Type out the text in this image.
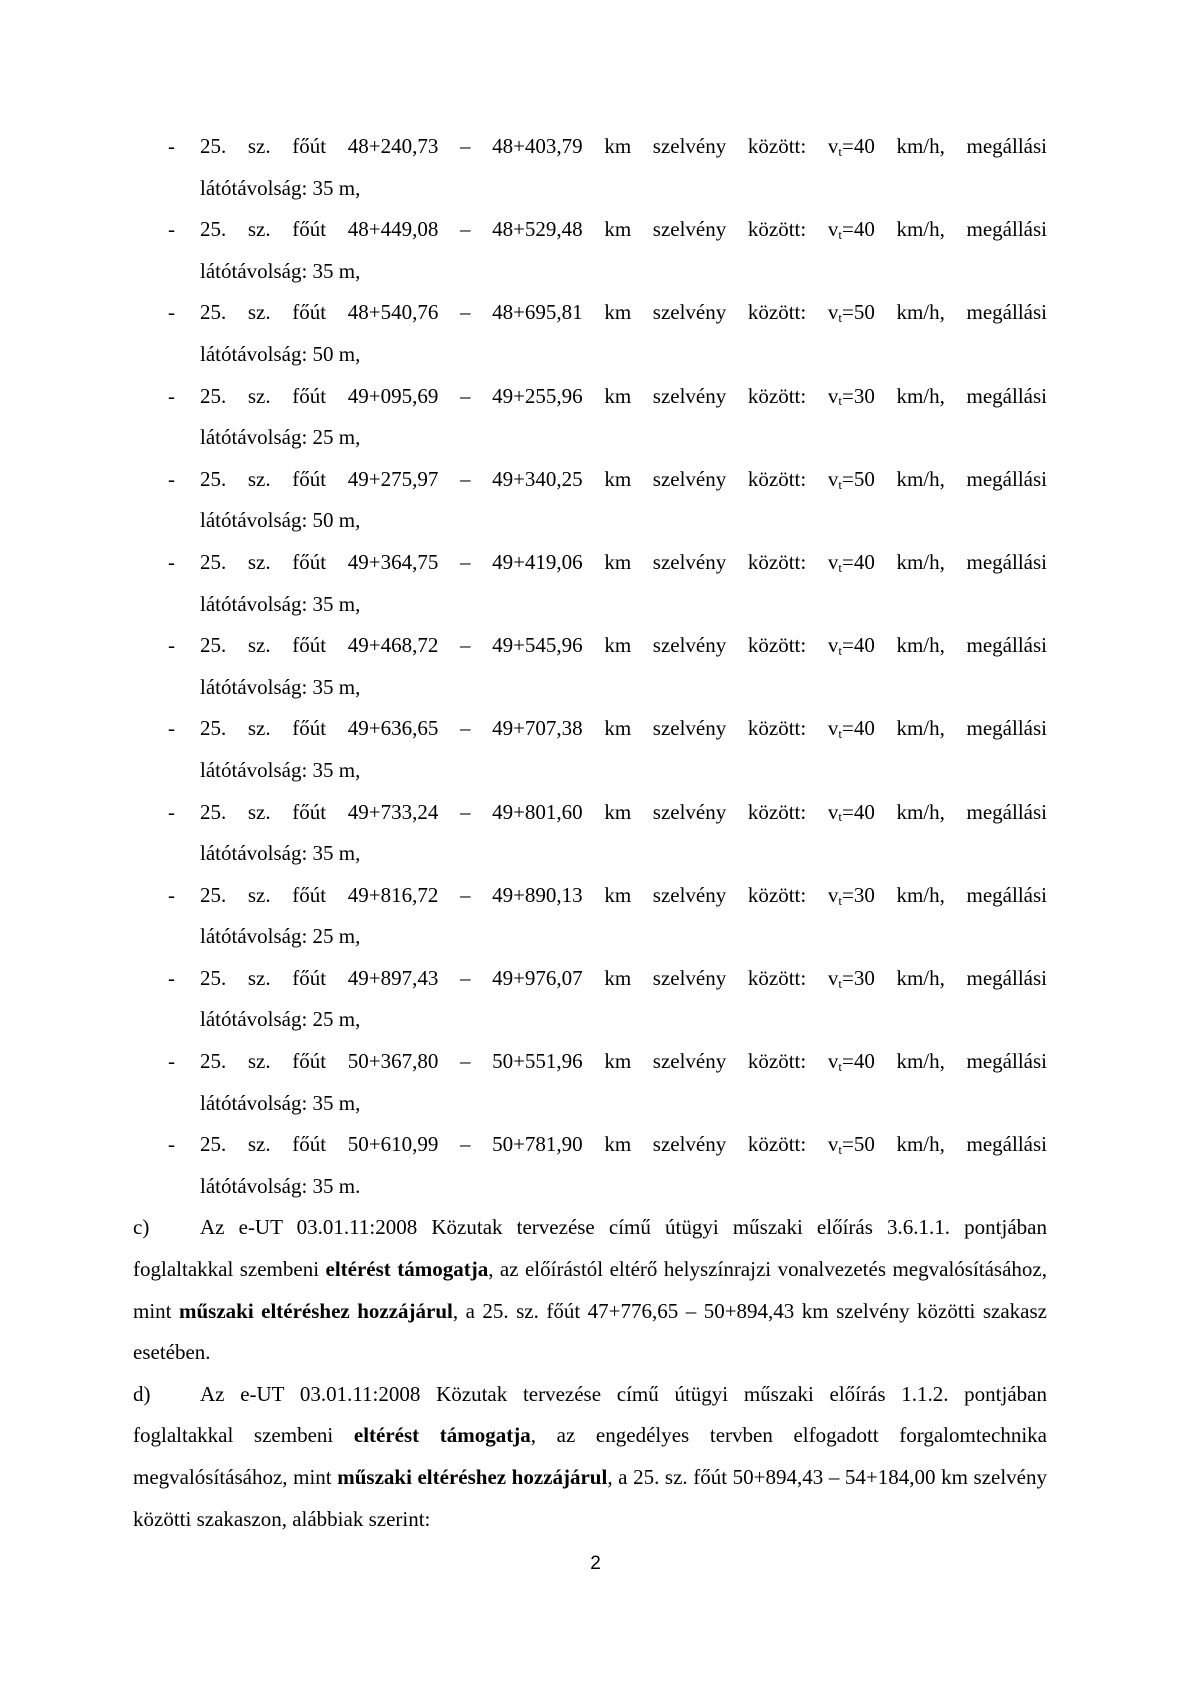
- 25. sz. főút 48+240,73 – 48+403,79 km szelvény között: $v_t=40$ km/h, megállási
látótávolság: 35 m,
- 25. sz. főút 48+449,08 – 48+529,48 km szelvény között: $v_t=40$ km/h, megállási
látótávolság: 35 m,
- 25. sz. főút 48+540,76 – 48+695,81 km szelvény között: $v_t=50$ km/h, megállási
látótávolság: 50 m,
- 25. sz. főút 49+095,69 – 49+255,96 km szelvény között: $v_t=30$ km/h, megállási
látótávolság: 25 m,
- 25. sz. főút 49+275,97 – 49+340,25 km szelvény között: $v_t=50$ km/h, megállási
látótávolság: 50 m,
- 25. sz. főút 49+364,75 – 49+419,06 km szelvény között: $v_t=40$ km/h, megállási
látótávolság: 35 m,
- 25. sz. főút 49+468,72 – 49+545,96 km szelvény között: $v_t=40$ km/h, megállási
látótávolság: 35 m,
- 25. sz. főút 49+636,65 – 49+707,38 km szelvény között: $v_t=40$ km/h, megállási
látótávolság: 35 m,
- 25. sz. főút 49+733,24 – 49+801,60 km szelvény között: $v_t=40$ km/h, megállási
látótávolság: 35 m,
- 25. sz. főút 49+816,72 – 49+890,13 km szelvény között: $v_t=30$ km/h, megállási
látótávolság: 25 m,
- 25. sz. főút 49+897,43 – 49+976,07 km szelvény között: $v_t=30$ km/h, megállási
látótávolság: 25 m,
- 25. sz. főút 50+367,80 – 50+551,96 km szelvény között: $v_t=40$ km/h, megállási
látótávolság: 35 m,
- 25. sz. főút 50+610,99 – 50+781,90 km szelvény között: $v_t=50$ km/h, megállási
látótávolság: 35 m.
c) Az e-UT 03.01.11:2008 Közutak tervezése című útügyi műszaki előírás 3.6.1.1. pontjában foglaltakkal szembeni eltérést támogatja, az előírástól eltérő helyszínrajzi vonalvezetés megvalósításához, mint műszaki eltéréshez hozzájárul, a 25. sz. főút 47+776,65 – 50+894,43 km szelvény közötti szakasz esetében.
d) Az e-UT 03.01.11:2008 Közutak tervezése című útügyi műszaki előírás 1.1.2. pontjában foglaltakkal szembeni eltérést támogatja, az engedélyes tervben elfogadott forgalomtechnika megvalósításához, mint műszaki eltéréshez hozzájárul, a 25. sz. főút 50+894,43 – 54+184,00 km szelvény közötti szakaszon, alábbiak szerint:
2
